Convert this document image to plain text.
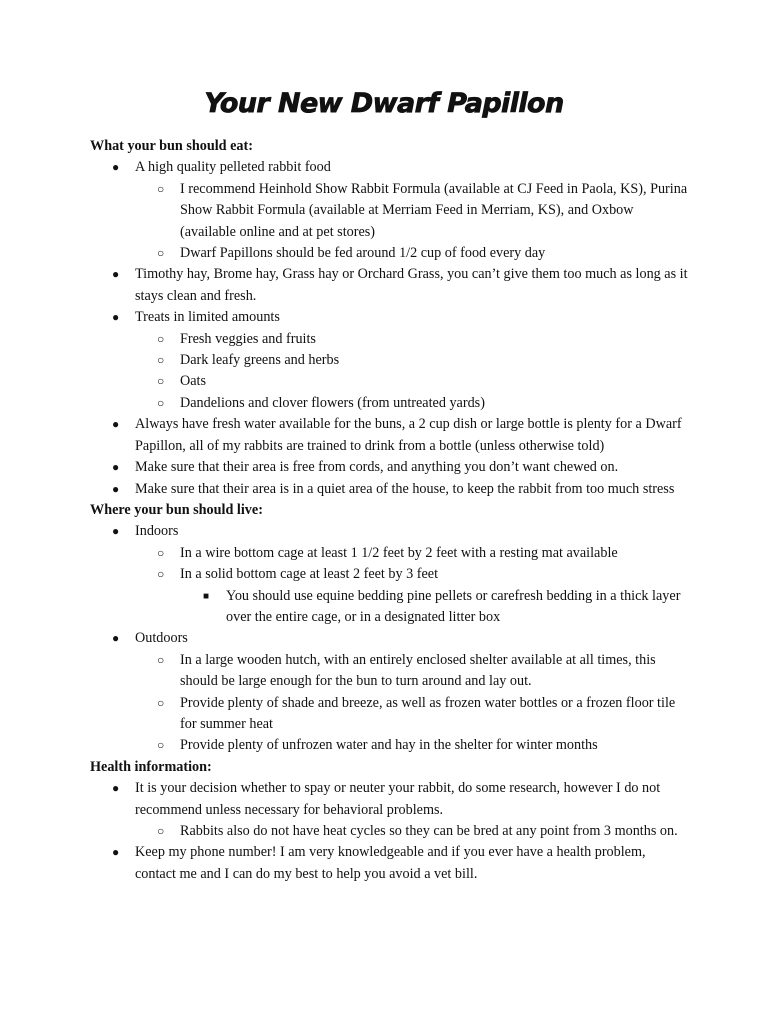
Your New Dwarf Papillon
What your bun should eat:
● A high quality pelleted rabbit food
○ I recommend Heinhold Show Rabbit Formula (available at CJ Feed in Paola, KS), Purina Show Rabbit Formula (available at Merriam Feed in Merriam, KS), and Oxbow (available online and at pet stores)
○ Dwarf Papillons should be fed around 1/2 cup of food every day
● Timothy hay, Brome hay, Grass hay or Orchard Grass, you can’t give them too much as long as it stays clean and fresh.
● Treats in limited amounts
○ Fresh veggies and fruits
○ Dark leafy greens and herbs
○ Oats
○ Dandelions and clover flowers (from untreated yards)
● Always have fresh water available for the buns, a 2 cup dish or large bottle is plenty for a Dwarf Papillon, all of my rabbits are trained to drink from a bottle (unless otherwise told)
● Make sure that their area is free from cords, and anything you don’t want chewed on.
● Make sure that their area is in a quiet area of the house, to keep the rabbit from too much stress
Where your bun should live:
● Indoors
○ In a wire bottom cage at least 1 1/2 feet by 2 feet with a resting mat available
○ In a solid bottom cage at least 2 feet by 3 feet
■ You should use equine bedding pine pellets or carefresh bedding in a thick layer over the entire cage, or in a designated litter box
● Outdoors
○ In a large wooden hutch, with an entirely enclosed shelter available at all times, this should be large enough for the bun to turn around and lay out.
○ Provide plenty of shade and breeze, as well as frozen water bottles or a frozen floor tile for summer heat
○ Provide plenty of unfrozen water and hay in the shelter for winter months
Health information:
● It is your decision whether to spay or neuter your rabbit, do some research, however I do not recommend unless necessary for behavioral problems.
○ Rabbits also do not have heat cycles so they can be bred at any point from 3 months on.
● Keep my phone number! I am very knowledgeable and if you ever have a health problem, contact me and I can do my best to help you avoid a vet bill.
